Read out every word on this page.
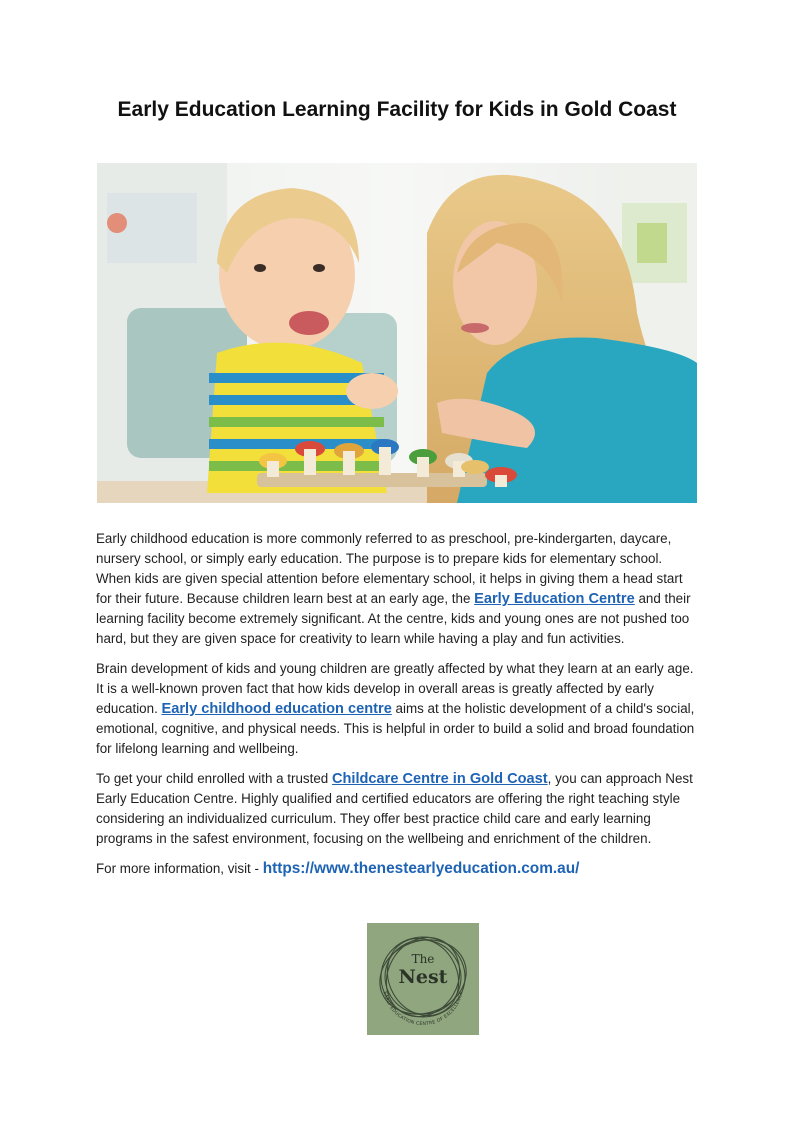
Early Education Learning Facility for Kids in Gold Coast

Early childhood education is more commonly referred to as preschool, pre-kindergarten, daycare, nursery school, or simply early education. The purpose is to prepare kids for elementary school. When kids are given special attention before elementary school, it helps in giving them a head start for their future. Because children learn best at an early age, the Early Education Centre and their learning facility become extremely significant. At the centre, kids and young ones are not pushed too hard, but they are given space for creativity to learn while having a play and fun activities.

Brain development of kids and young children are greatly affected by what they learn at an early age. It is a well-known proven fact that how kids develop in overall areas is greatly affected by early education. Early childhood education centre aims at the holistic development of a child's social, emotional, cognitive, and physical needs. This is helpful in order to build a solid and broad foundation for lifelong learning and wellbeing.

To get your child enrolled with a trusted Childcare Centre in Gold Coast, you can approach Nest Early Education Centre. Highly qualified and certified educators are offering the right teaching style considering an individualized curriculum. They offer best practice child care and early learning programs in the safest environment, focusing on the wellbeing and enrichment of the children.

For more information, visit - https://www.thenestearlyeducation.com.au/

The
Nest
EARLY EDUCATION CENTRE OF EXCELLENCE
